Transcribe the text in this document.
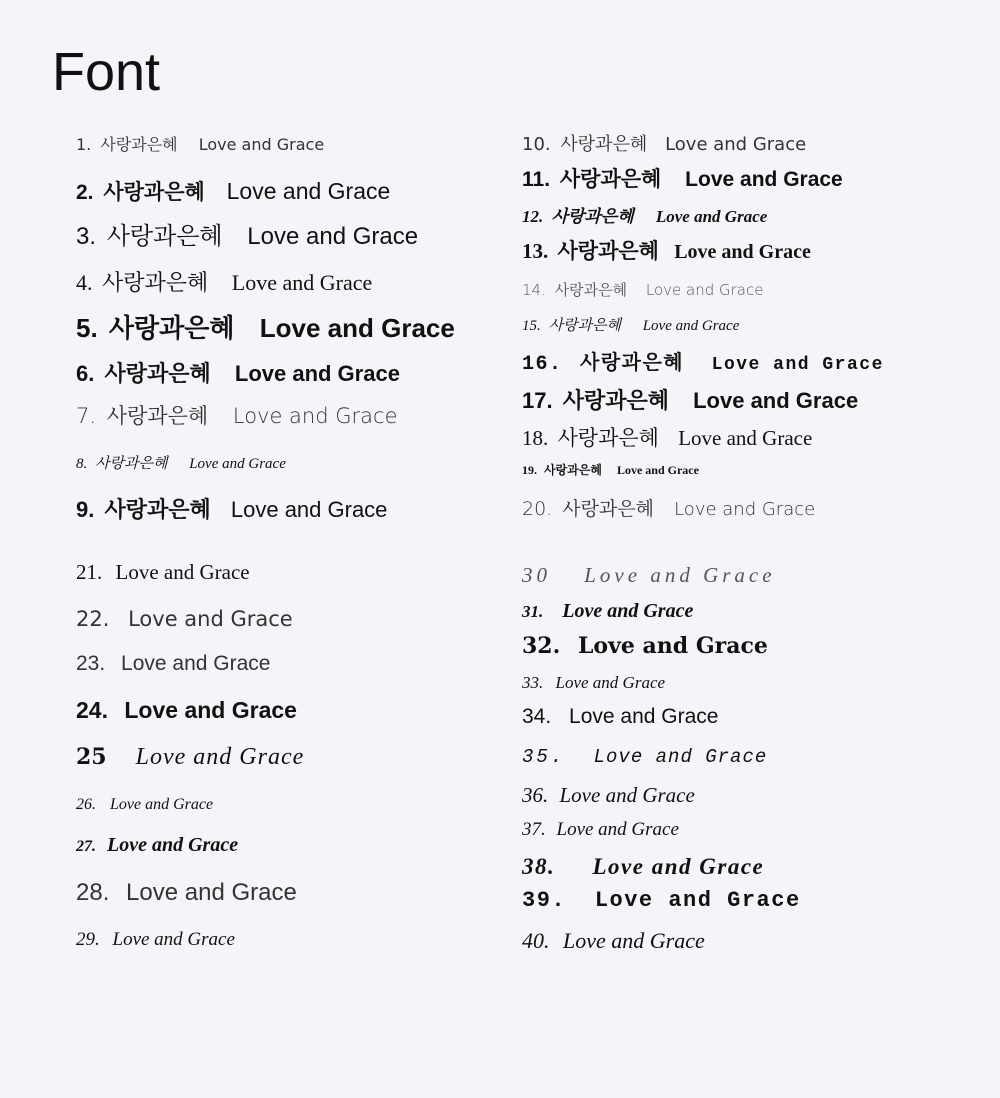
Font
1. 사랑과은혜 Love and Grace
2. 사랑과은혜 Love and Grace
3. 사랑과은혜 Love and Grace
4. 사랑과은혜 Love and Grace
5. 사랑과은혜 Love and Grace
6. 사랑과은혜 Love and Grace
7. 사랑과은혜 Love and Grace
8. 사랑과은혜 Love and Grace
9. 사랑과은혜 Love and Grace
10. 사랑과은혜 Love and Grace
11. 사랑과은혜 Love and Grace
12. 사랑과은혜 Love and Grace
13. 사랑과은혜 Love and Grace
14. 사랑과은혜 Love and Grace
15. 사랑과은혜 Love and Grace
16. 사랑과은혜 Love and Grace
17. 사랑과은혜 Love and Grace
18. 사랑과은혜 Love and Grace
19. 사랑과은혜 Love and Grace
20. 사랑과은혜 Love and Grace
21. Love and Grace
22. Love and Grace
23. Love and Grace
24. Love and Grace
25 Love and Grace
26. Love and Grace
27. Love and Grace
28. Love and Grace
29. Love and Grace
30 Love and Grace
31. Love and Grace
32. Love and Grace
33. Love and Grace
34. Love and Grace
35. Love and Grace
36. Love and Grace
37. Love and Grace
38. Love and Grace
39. Love and Grace
40. Love and Grace
